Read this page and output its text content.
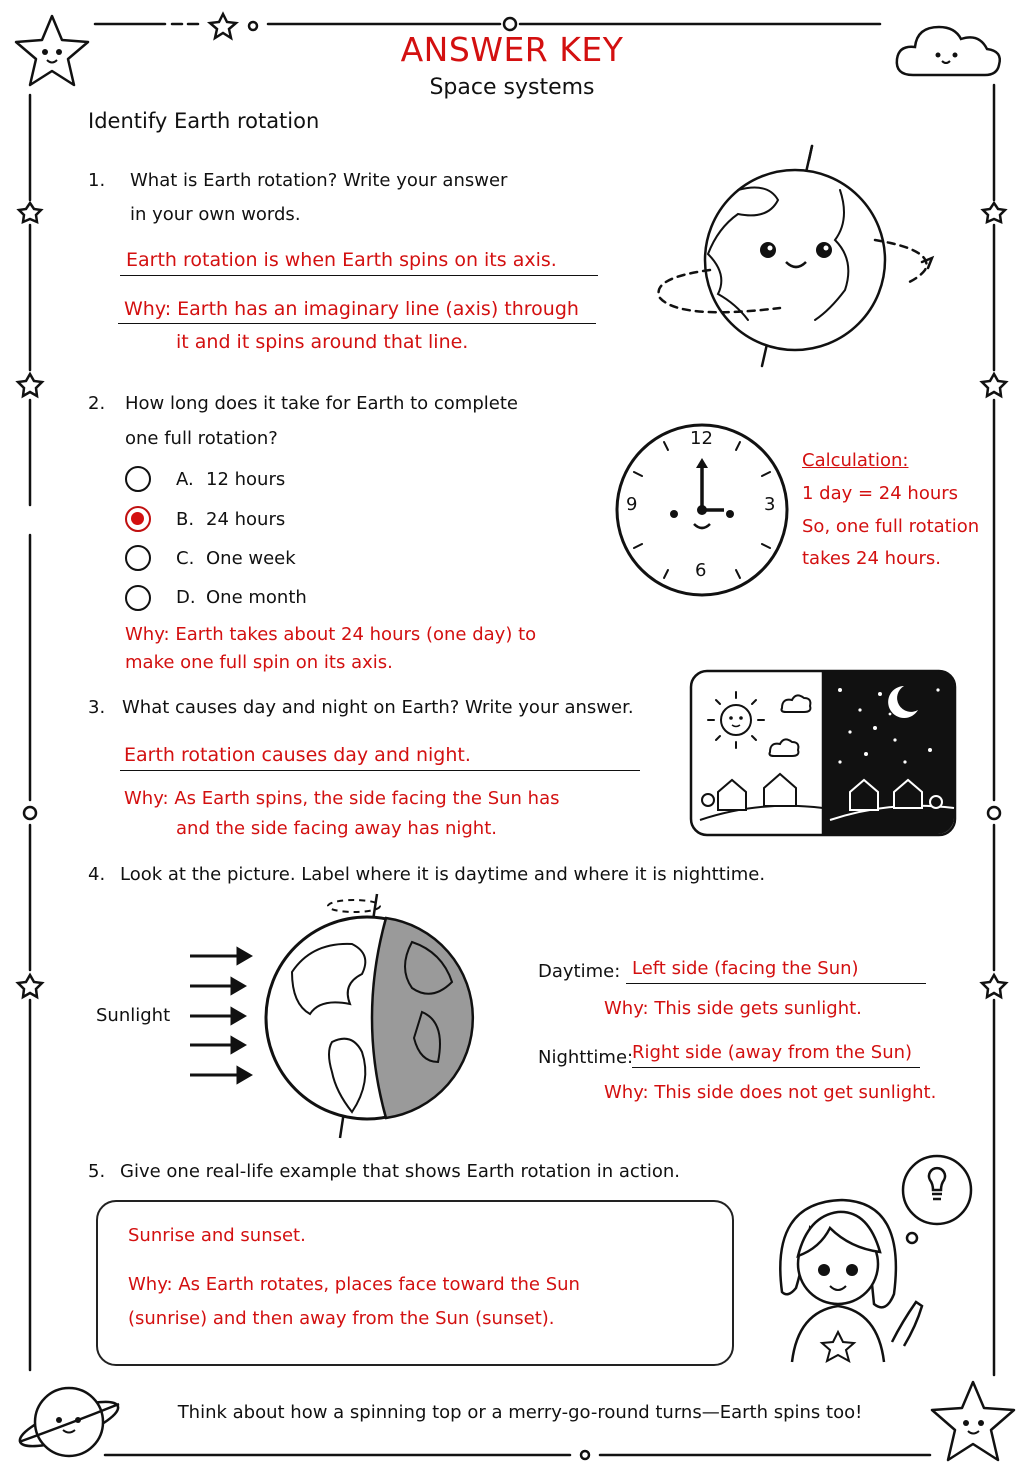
ANSWER KEY
Space systems
Identify Earth rotation
1. What is Earth rotation? Write your answer
in your own words.
Earth rotation is when Earth spins on its axis.
Why: Earth has an imaginary line (axis) through
it and it spins around that line.
2. How long does it take for Earth to complete
one full rotation?
A. 12 hours
B. 24 hours
C. One week
D. One month
Why: Earth takes about 24 hours (one day) to
make one full spin on its axis.
12
3
6
9
Calculation:
1 day = 24 hours
So, one full rotation
takes 24 hours.
3. What causes day and night on Earth? Write your answer.
Earth rotation causes day and night.
Why: As Earth spins, the side facing the Sun has
and the side facing away has night.
4. Look at the picture. Label where it is daytime and where it is nighttime.
Sunlight
Daytime: Left side (facing the Sun)
Why: This side gets sunlight.
Nighttime:
Right side (away from the Sun)
Why: This side does not get sunlight.
5. Give one real-life example that shows Earth rotation in action.
Sunrise and sunset.
Why: As Earth rotates, places face toward the Sun
(sunrise) and then away from the Sun (sunset).
Think about how a spinning top or a merry-go-round turns—Earth spins too!
